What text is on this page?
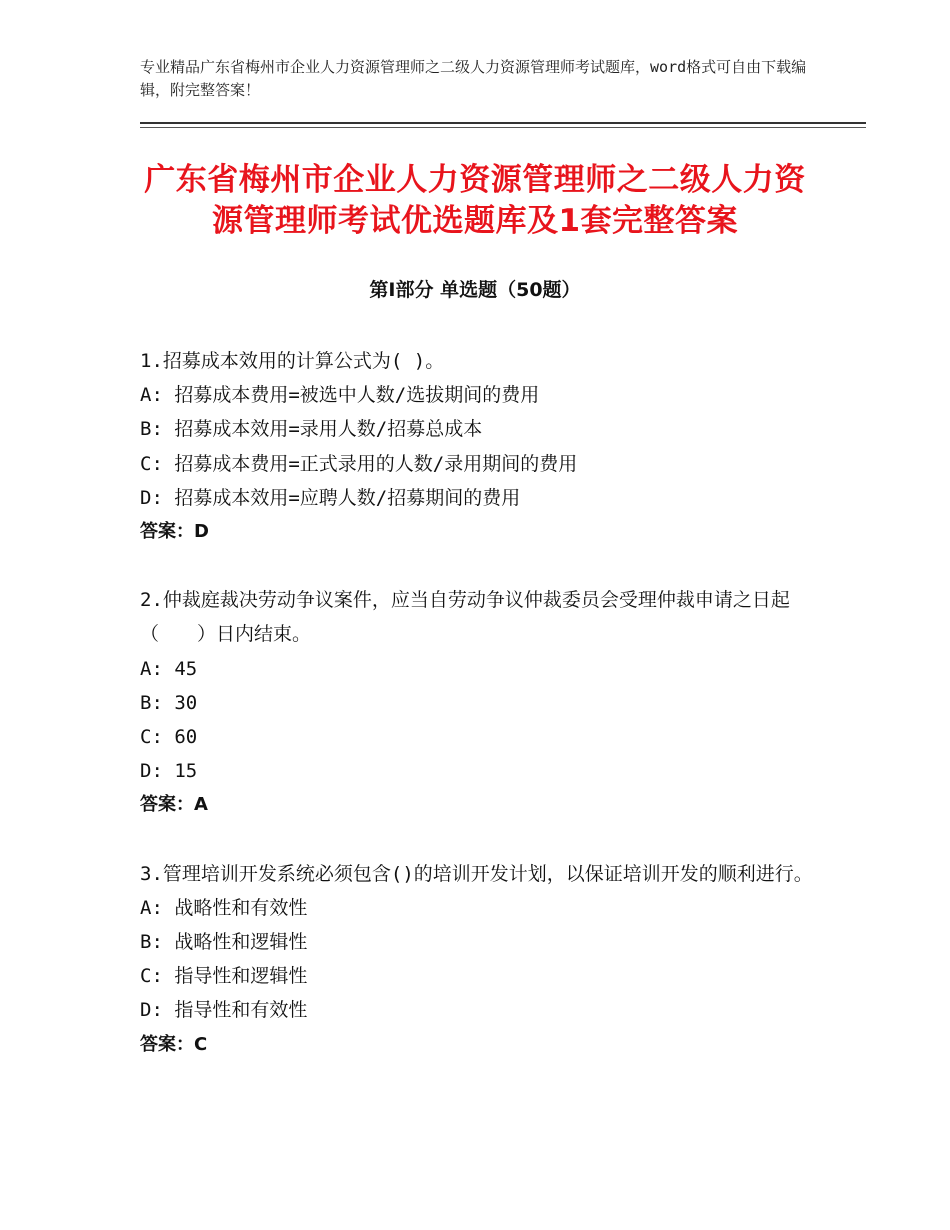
专业精品广东省梅州市企业人力资源管理师之二级人力资源管理师考试题库，word格式可自由下载编辑，附完整答案！
广东省梅州市企业人力资源管理师之二级人力资源管理师考试优选题库及1套完整答案
第Ⅰ部分 单选题（50题）

1.招募成本效用的计算公式为( )。

A: 招募成本费用=被选中人数/选拔期间的费用

B: 招募成本效用=录用人数/招募总成本

C: 招募成本费用=正式录用的人数/录用期间的费用

D: 招募成本效用=应聘人数/招募期间的费用

答案：D

2.仲裁庭裁决劳动争议案件，应当自劳动争议仲裁委员会受理仲裁申请之日起（　　）日内结束。

A: 45

B: 30

C: 60

D: 15

答案：A

3.管理培训开发系统必须包含()的培训开发计划，以保证培训开发的顺利进行。

A: 战略性和有效性

B: 战略性和逻辑性

C: 指导性和逻辑性

D: 指导性和有效性

答案：C
